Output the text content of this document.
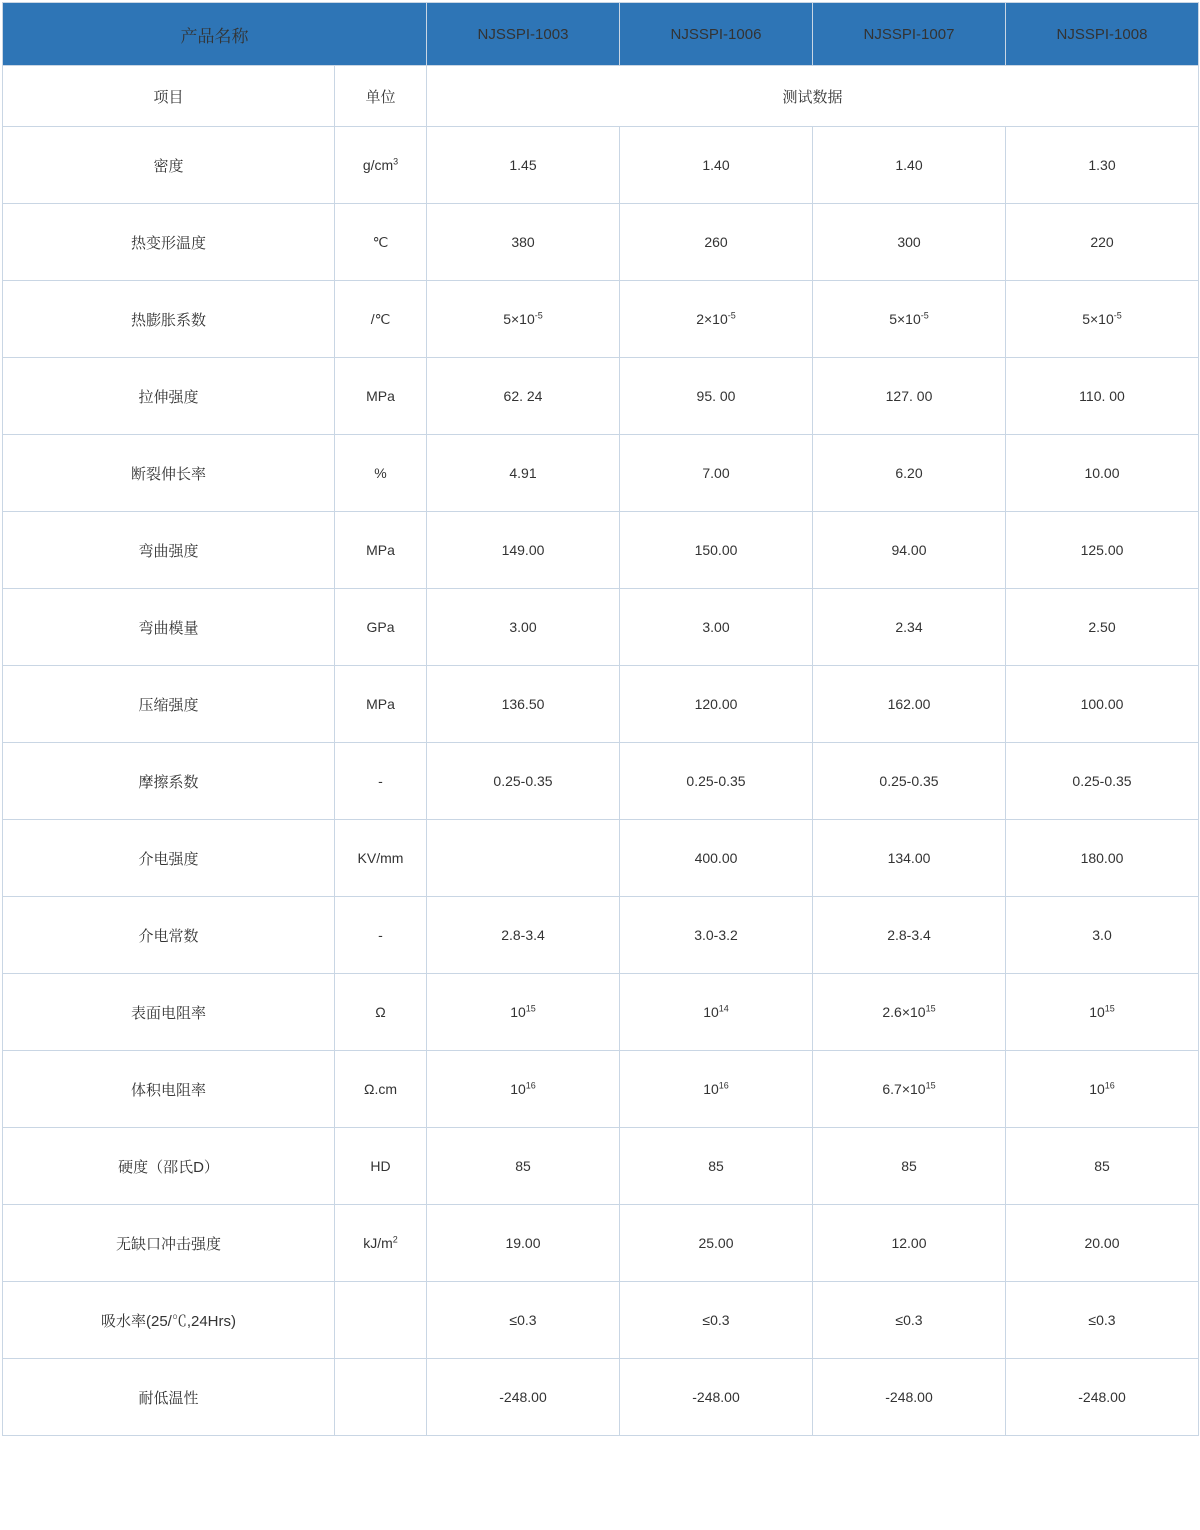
产品名称		NJSSPI-1003	NJSSPI-1006	NJSSPI-1007	NJSSPI-1008
项目	单位	测试数据			
密度	$g/cm^3$	1.45	1.40	1.40	1.30
热变形温度	℃	380	260	300	220
热膨胀系数	/℃	$5\times 10^{-5}$	$2\times 10^{-5}$	$5\times 10^{-5}$	$5\times 10^{-5}$
拉伸强度	MPa	62. 24	95. 00	127. 00	110. 00
断裂伸长率	%	4.91	7.00	6.20	10.00
弯曲强度	MPa	149.00	150.00	94.00	125.00
弯曲模量	GPa	3.00	3.00	2.34	2.50
压缩强度	MPa	136.50	120.00	162.00	100.00
摩擦系数	-	0.25-0.35	0.25-0.35	0.25-0.35	0.25-0.35
介电强度	KV/mm		400.00	134.00	180.00
介电常数	-	2.8-3.4	3.0-3.2	2.8-3.4	3.0
表面电阻率	Ω	$10^{15}$	$10^{14}$	$2.6\times 10^{15}$	$10^{15}$
体积电阻率	Ω.cm	$10^{16}$	$10^{16}$	$6.7\times 10^{15}$	$10^{16}$
硬度（邵氏D）	HD	85	85	85	85
无缺口冲击强度	$kJ/m^2$	19.00	25.00	12.00	20.00
吸水率(25/℃,24Hrs)		≤0.3	≤0.3	≤0.3	≤0.3
耐低温性		-248.00	-248.00	-248.00	-248.00
